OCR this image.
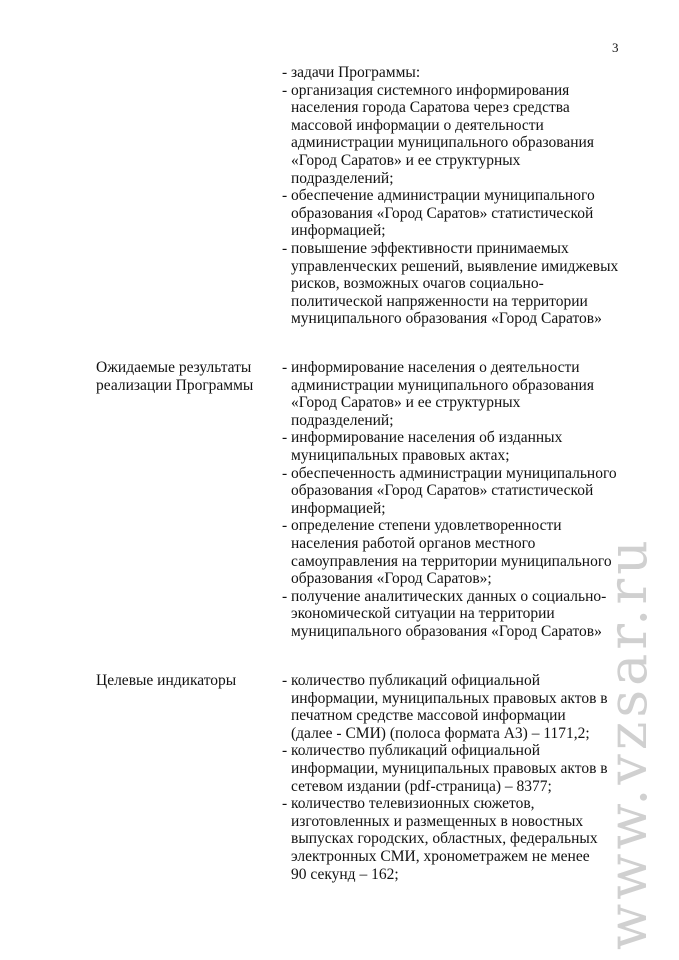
3
- задачи Программы:
- организация системного информирования
населения города Саратова через средства
массовой информации о деятельности
администрации муниципального образования
«Город Саратов» и ее структурных
подразделений;
- обеспечение администрации муниципального
образования «Город Саратов» статистической
информацией;
- повышение эффективности принимаемых
управленческих решений, выявление имиджевых
рисков, возможных очагов социально-
политической напряженности на территории
муниципального образования «Город Саратов»
Ожидаемые результаты
реализации Программы
- информирование населения о деятельности
администрации муниципального образования
«Город Саратов» и ее структурных
подразделений;
- информирование населения об изданных
муниципальных правовых актах;
- обеспеченность администрации муниципального
образования «Город Саратов» статистической
информацией;
- определение степени удовлетворенности
населения работой органов местного
самоуправления на территории муниципального
образования «Город Саратов»;
- получение аналитических данных о социально-
экономической ситуации на территории
муниципального образования «Город Саратов»
Целевые индикаторы	- количество публикаций официальной
информации, муниципальных правовых актов в
печатном средстве массовой информации
(далее - СМИ) (полоса формата А3) – 1171,2;
- количество публикаций официальной
информации, муниципальных правовых актов в
сетевом издании (pdf-страница) – 8377;
- количество телевизионных сюжетов,
изготовленных и размещенных в новостных
выпусках городских, областных, федеральных
электронных СМИ, хронометражем не менее
90 секунд – 162;	www.vzsar.ru
